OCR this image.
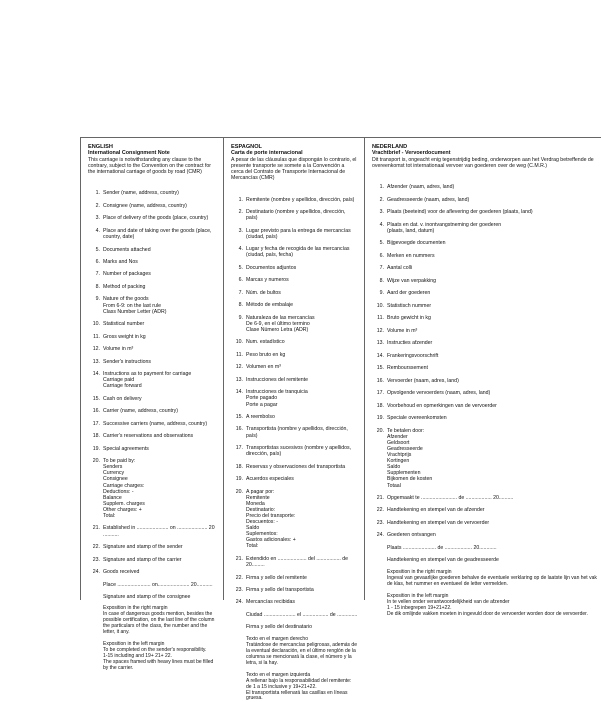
ENGLISH
International Consignment Note
This carriage is notwithstanding any clause to the contrary, subject to the Convention on the contract for the international carriage of goods by road (CMR)
1. Sender (name, address, country)
2. Consignee (name, address, country)
3. Place of delivery of the goods (place, country)
4. Place and date of taking over the goods (place, country, date)
5. Documents attached
6. Marks and Nos
7. Number of packages
8. Method of packing
9. Nature of the goods
From 6-9: on the last rule
Class Number Letter (ADR)
10. Statistical number
11. Gross weight in kg
12. Volume in m³
13. Sender's instructions
14. Instructions as to payment for carriage
Carriage paid
Carriage forward
15. Cash on delivery
16. Carrier (name, address, country)
17. Successive carriers (name, address, country)
18. Carrier's reservations and observations
19. Special agreements
20. To be paid by:
Senders
Currency
Consignee
Carriage charges:
Deductions: -
Balance
Supplem. charges
Other charges: +
Total:
21. Established in ...................... on ..................... 20 ...........
22. Signature and stamp of the sender
23. Signature and stamp of the carrier
24. Goods received
Place ....................... on...................... 20...........
Signature and stamp of the consignee
Exposition in the right margin
In case of dangerous goods mention, besides the possible certification, on the last line of the column the particulars of the class, the number and the letter, it any.
Exposition in the left margin
To be completed on the sender's responsibility.
1-15 including and 19+ 21+ 22.
The spaces framed with heavy lines must be filled by the carrier.
ESPAGNOL
Carta de porte internacional
A pesar de las cláusulas que dispongán lo contrario, el presente transporte se somete a la Convención a cerca del Contrato de Transporte Internacional de Mercancías (CMR)
1. Remitente (nombre y apellidos, dirección, país)
2. Destinatario (nombre y apellidos, dirección, país)
3. Lugar previsto para la entrega de mercancías (ciudad, país)
4. Lugar y fecha de recogida de las mercancías
(ciudad, país, fecha)
5. Documentos adjuntos
6. Marcas y numeros
7. Núm. de bultos
8. Método de embalaje
9. Naturaleza de las mercancías
De 6-9, en el último termino
Clase Número Letra (ADR)
10. Num. estadístico
11. Peso bruto en kg
12. Volumen en m³
13. Instrucciones del remitente
14. Instrucciones de tranquicia
Porte pagado
Porte a pagar
15. A reembolso
16. Transportista (nombre y apellidos, dirección, país)
17. Transportistas sucesivos (nombre y apellidos, dirección, país)
18. Reservas y observaciones del transportista
19. Acuerdos especiales
20. A pagar por:
Remitente
Moneda
Destinatario:
Precio del transporte:
Descuentos: -
Saldo
Suplementos:
Gastos adicionales: +
Total:
21. Extendido en .................... del ................. de 20.........
22. Firma y sello del remitente
23. Firma y sello del transportista
24. Mercancías recibidas
Ciudad ...................... el .................. de ..............
Firma y sello del destinatario
Texto en el margen derecho
Tratándose de mercancías peligrosas, además de la eventual declaración, en el último renglón de la columna se mencionará la clase, el número y la letra, si la hay.
Texto en el margen izquierda
A rellenar bajo la responsabilidad del remitente:
de 1 a 15 inclusive y 19+21+22.
El transportista rellenará las casillas en líneas gruesa.
NEDERLAND
Vrachtbrief - Vervoerdocument
Dit transport is, ongeacht enig tegenstrijdig beding, onderworpen aan het Verdrag betreffende de overeenkomst tot internationaal vervoer van goederen over de weg (C.M.R.)
1. Afzender (naam, adres, land)
2. Geadresseerde (naam, adres, land)
3. Plaats (beeteind) voor de aflevering der goederen (plaats, land)
4. Plaats en dat. v. inontvangstneming der goederen
(plaats, land, datum)
5. Bijgevoegde documenten
6. Merken en nummers
7. Aantal colli
8. Wijze van verpakking
9. Aard der goederen
10. Statistisch nummer
11. Bruto gewicht in kg
12. Volume in m³
13. Instructies afzender
14. Frankeringsvoorschrift
15. Rembourssement
16. Vervoerder (naam, adres, land)
17. Opvolgende vervoerders (naam, adres, land)
18. Voorbehoud en opmerkingen van de vervoerder
19. Speciale overeenkomsten
20. Te betalen door:
Afzender
Geldsoort
Geadresseerde
Vrachtprijs
Kortingen
Saldo
Supplementen
Bijkomen de kosten
Totaal
21. Opgemaakt te ......................... de .................. 20..........
22. Handtekening en stempel van de afzender
23. Handtekening en stempel van de vervoerder
24. Goederen ontvangen
Plaats ....................... de ................... 20............
Handtekening en stempel van de geadresseerde
Exposition in the right margin
Ingeval van gevaarlijke goederen behalve de eventuele verklaring op de laatste lijn van het vak de klas, het nummer en eventueel de letter vermelden.
Exposition in the left margin
In te vellen onder verantwoordelijkheid van de afzender
1 - 15 inbegrepen 19+21+22.
De dik omlijnde vakken moeten in ingevuld door de vervoerder worden door de vervoerder.
